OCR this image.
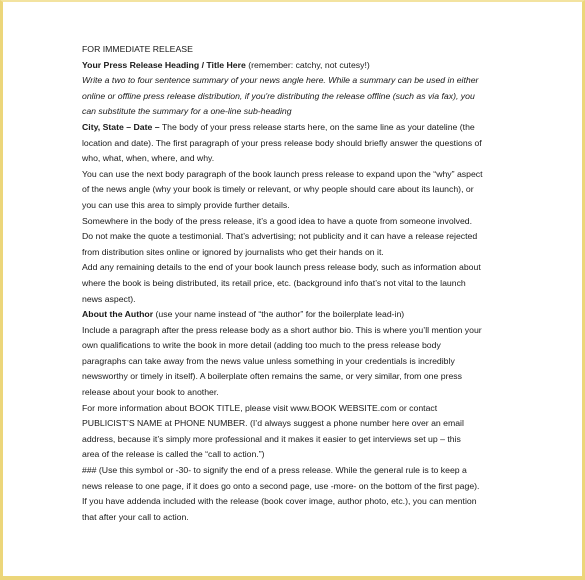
FOR IMMEDIATE RELEASE
Your Press Release Heading / Title Here (remember: catchy, not cutesy!)
Write a two to four sentence summary of your news angle here. While a summary can be used in either
online or offline press release distribution, if you're distributing the release offline (such as via fax), you
can substitute the summary for a one-line sub-heading
City, State – Date – The body of your press release starts here, on the same line as your dateline (the
location and date). The first paragraph of your press release body should briefly answer the questions of
who, what, when, where, and why.
You can use the next body paragraph of the book launch press release to expand upon the “why” aspect
of the news angle (why your book is timely or relevant, or why people should care about its launch), or
you can use this area to simply provide further details.
Somewhere in the body of the press release, it’s a good idea to have a quote from someone involved.
Do not make the quote a testimonial. That’s advertising; not publicity and it can have a release rejected
from distribution sites online or ignored by journalists who get their hands on it.
Add any remaining details to the end of your book launch press release body, such as information about
where the book is being distributed, its retail price, etc. (background info that’s not vital to the launch
news aspect).
About the Author (use your name instead of “the author” for the boilerplate lead-in)
Include a paragraph after the press release body as a short author bio. This is where you’ll mention your
own qualifications to write the book in more detail (adding too much to the press release body
paragraphs can take away from the news value unless something in your credentials is incredibly
newsworthy or timely in itself). A boilerplate often remains the same, or very similar, from one press
release about your book to another.
For more information about BOOK TITLE, please visit www.BOOK WEBSITE.com or contact
PUBLICIST’S NAME at PHONE NUMBER. (I’d always suggest a phone number here over an email
address, because it’s simply more professional and it makes it easier to get interviews set up – this
area of the release is called the “call to action.”)
### (Use this symbol or -30- to signify the end of a press release. While the general rule is to keep a
news release to one page, if it does go onto a second page, use -more- on the bottom of the first page).
If you have addenda included with the release (book cover image, author photo, etc.), you can mention
that after your call to action.
